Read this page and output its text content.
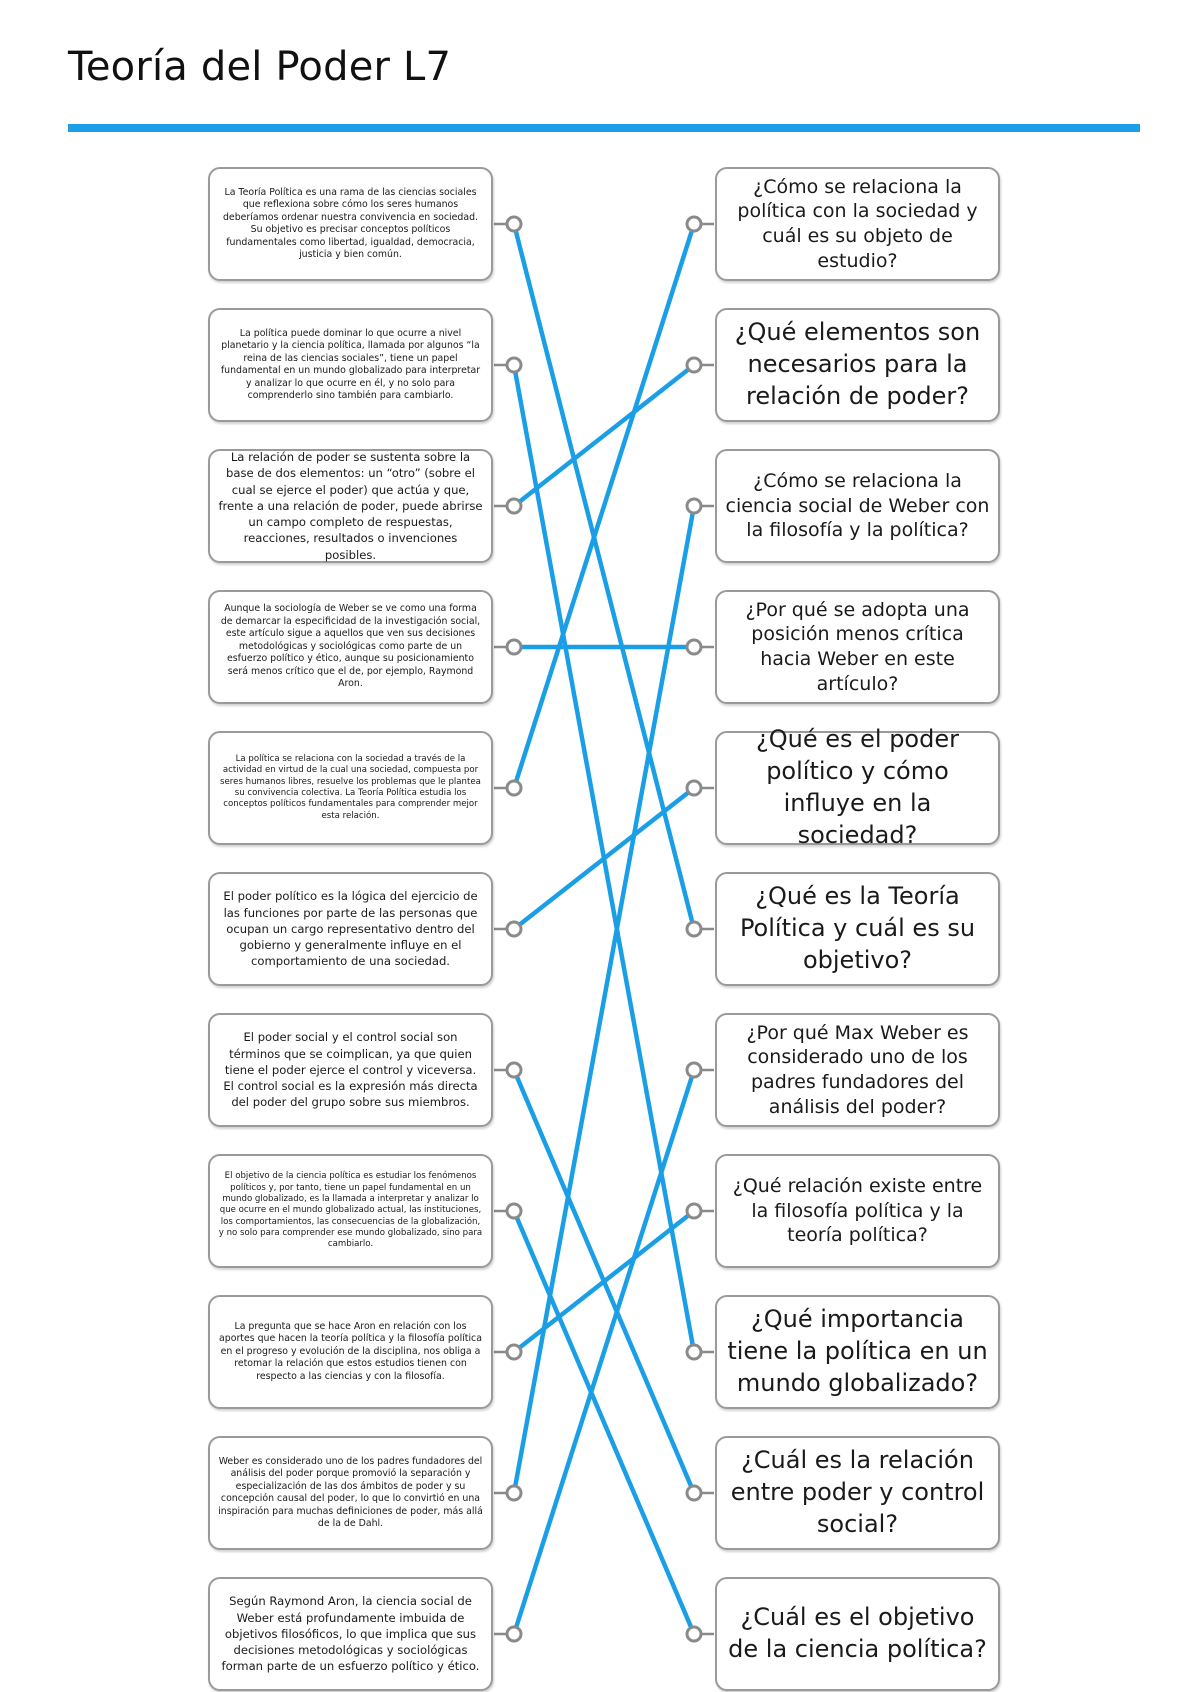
Teoría del Poder L7
La Teoría Política es una rama de las ciencias sociales que reflexiona sobre cómo los seres humanos deberíamos ordenar nuestra convivencia en sociedad. Su objetivo es precisar conceptos políticos fundamentales como libertad, igualdad, democracia, justicia y bien común.
La política puede dominar lo que ocurre a nivel planetario y la ciencia política, llamada por algunos “la reina de las ciencias sociales”, tiene un papel fundamental en un mundo globalizado para interpretar y analizar lo que ocurre en él, y no solo para comprenderlo sino también para cambiarlo.
La relación de poder se sustenta sobre la base de dos elementos: un “otro” (sobre el cual se ejerce el poder) que actúa y que, frente a una relación de poder, puede abrirse un campo completo de respuestas, reacciones, resultados o invenciones posibles.
Aunque la sociología de Weber se ve como una forma de demarcar la especificidad de la investigación social, este artículo sigue a aquellos que ven sus decisiones metodológicas y sociológicas como parte de un esfuerzo político y ético, aunque su posicionamiento será menos crítico que el de, por ejemplo, Raymond Aron.
La política se relaciona con la sociedad a través de la actividad en virtud de la cual una sociedad, compuesta por seres humanos libres, resuelve los problemas que le plantea su convivencia colectiva. La Teoría Política estudia los conceptos políticos fundamentales para comprender mejor esta relación.
El poder político es la lógica del ejercicio de las funciones por parte de las personas que ocupan un cargo representativo dentro del gobierno y generalmente influye en el comportamiento de una sociedad.
El poder social y el control social son términos que se coimplican, ya que quien tiene el poder ejerce el control y viceversa. El control social es la expresión más directa del poder del grupo sobre sus miembros.
El objetivo de la ciencia política es estudiar los fenómenos políticos y, por tanto, tiene un papel fundamental en un mundo globalizado, es la llamada a interpretar y analizar lo que ocurre en el mundo globalizado actual, las instituciones, los comportamientos, las consecuencias de la globalización, y no solo para comprender ese mundo globalizado, sino para cambiarlo.
La pregunta que se hace Aron en relación con los aportes que hacen la teoría política y la filosofía política en el progreso y evolución de la disciplina, nos obliga a retomar la relación que estos estudios tienen con respecto a las ciencias y con la filosofía.
Weber es considerado uno de los padres fundadores del análisis del poder porque promovió la separación y especialización de las dos ámbitos de poder y su concepción causal del poder, lo que lo convirtió en una inspiración para muchas definiciones de poder, más allá de la de Dahl.
Según Raymond Aron, la ciencia social de Weber está profundamente imbuida de objetivos filosóficos, lo que implica que sus decisiones metodológicas y sociológicas forman parte de un esfuerzo político y ético.
¿Cómo se relaciona la política con la sociedad y cuál es su objeto de estudio?
¿Qué elementos son necesarios para la relación de poder?
¿Cómo se relaciona la ciencia social de Weber con la filosofía y la política?
¿Por qué se adopta una posición menos crítica hacia Weber en este artículo?
¿Qué es el poder político y cómo influye en la sociedad?
¿Qué es la Teoría Política y cuál es su objetivo?
¿Por qué Max Weber es considerado uno de los padres fundadores del análisis del poder?
¿Qué relación existe entre la filosofía política y la teoría política?
¿Qué importancia tiene la política en un mundo globalizado?
¿Cuál es la relación entre poder y control social?
¿Cuál es el objetivo de la ciencia política?
